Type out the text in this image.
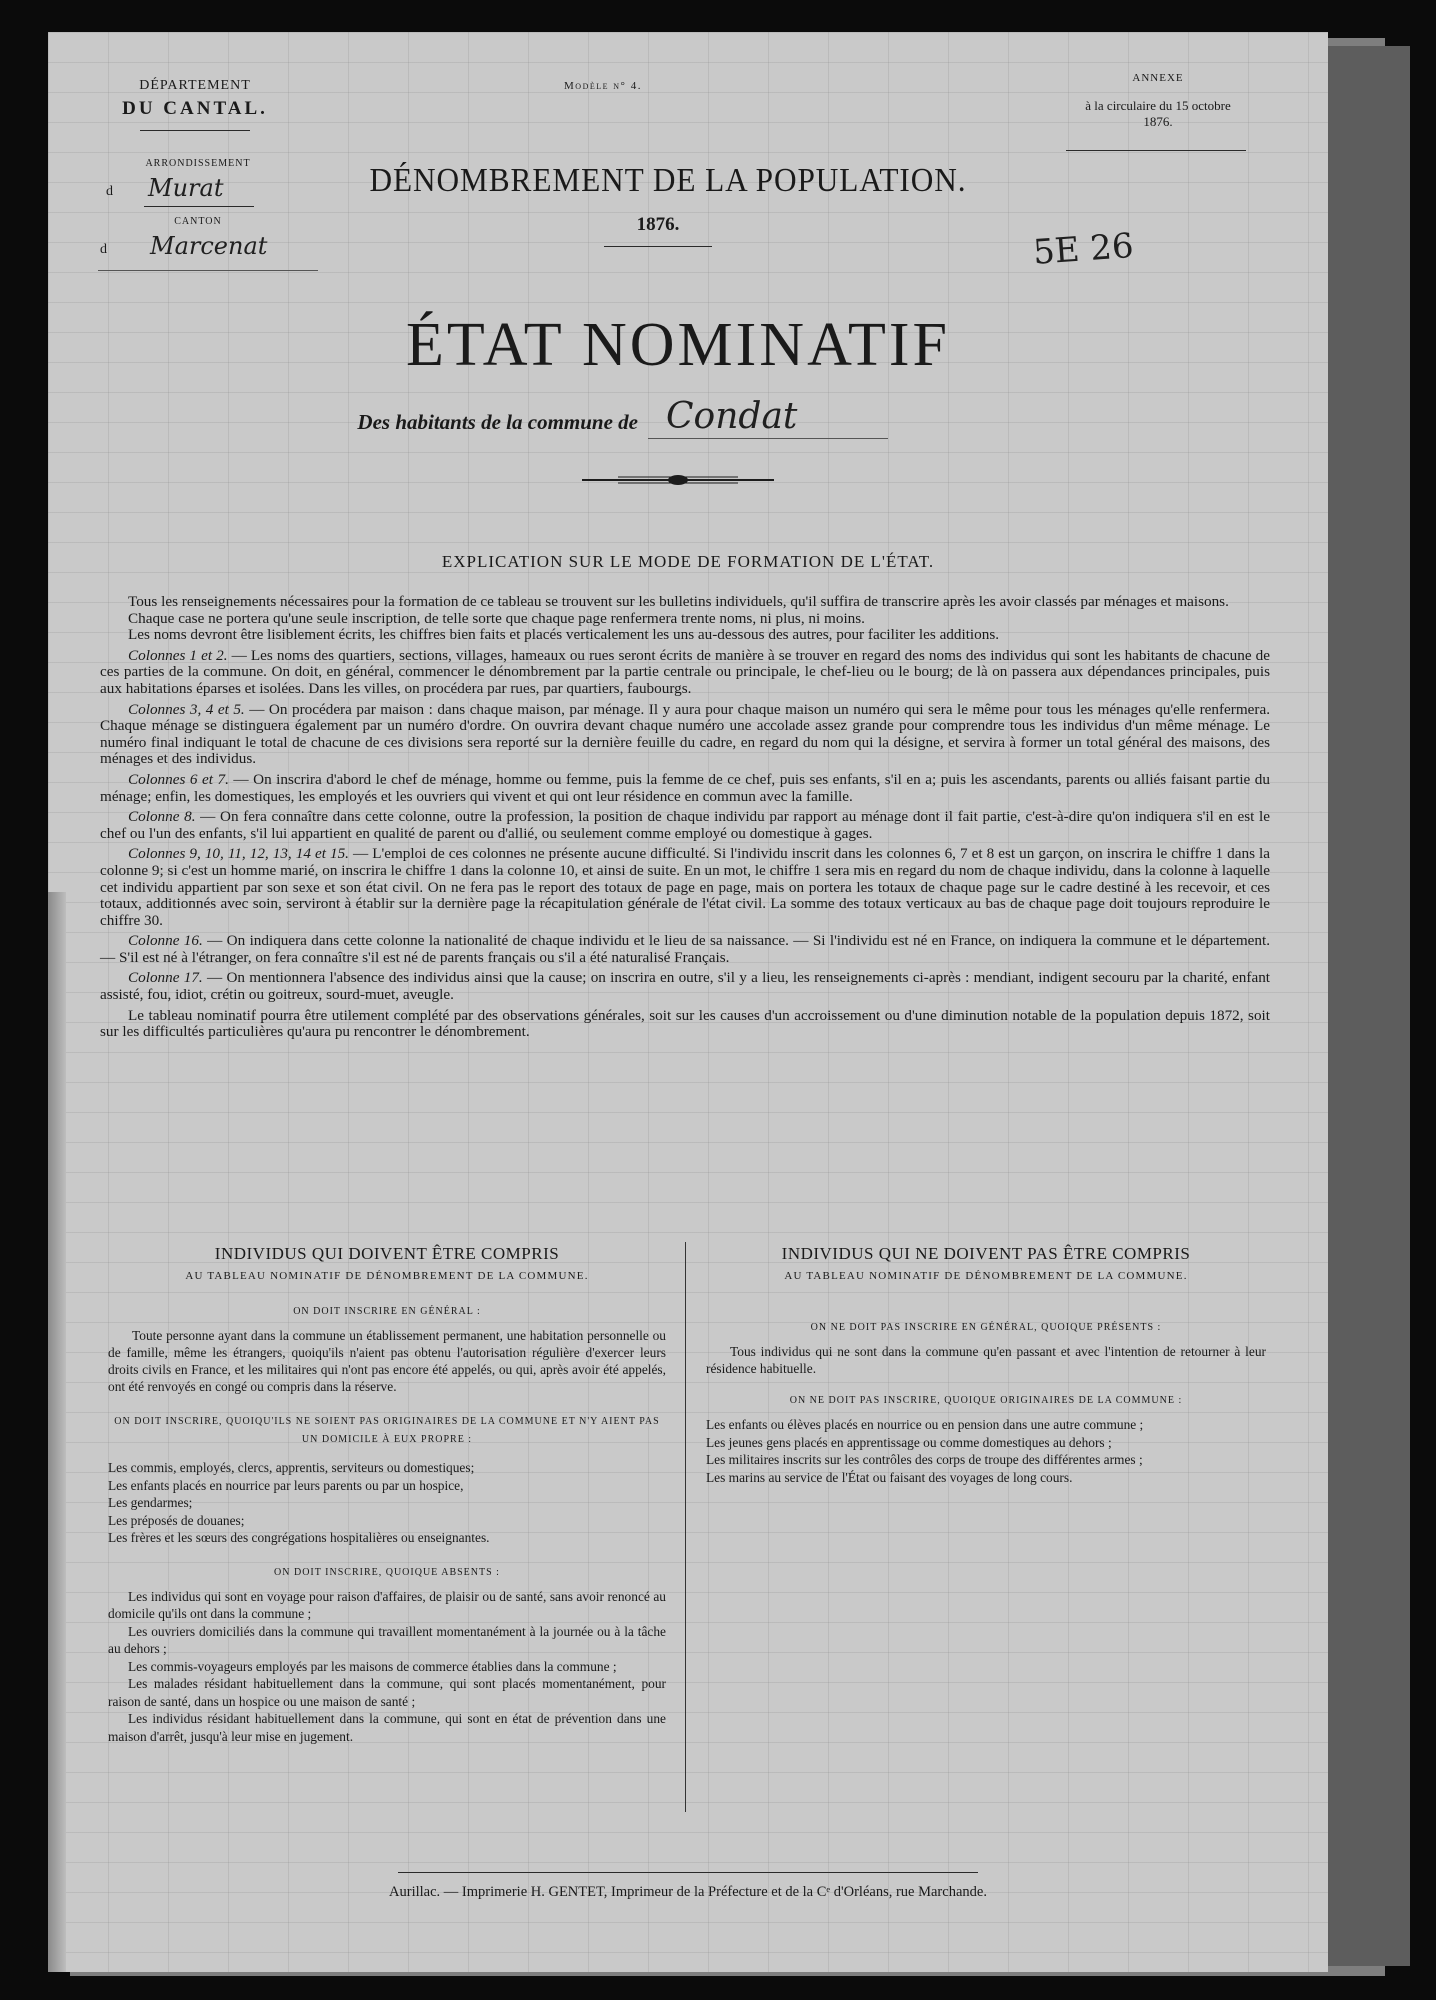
DÉPARTEMENT
DU CANTAL.
ARRONDISSEMENT
d Murat
CANTON
d Marcenat
Modèle n° 4.
DÉNOMBREMENT DE LA POPULATION.
1876.
ANNEXE
à la circulaire du 15 octobre
1876.
5E 26
ÉTAT NOMINATIF
Des habitants de la commune de Condat
EXPLICATION SUR LE MODE DE FORMATION DE L'ÉTAT.

Tous les renseignements nécessaires pour la formation de ce tableau se trouvent sur les bulletins individuels, qu'il suffira de transcrire après les avoir classés par ménages et maisons.

Chaque case ne portera qu'une seule inscription, de telle sorte que chaque page renfermera trente noms, ni plus, ni moins.

Les noms devront être lisiblement écrits, les chiffres bien faits et placés verticalement les uns au-dessous des autres, pour faciliter les additions.

Colonnes 1 et 2. — Les noms des quartiers, sections, villages, hameaux ou rues seront écrits de manière à se trouver en regard des noms des individus qui sont les habitants de chacune de ces parties de la commune. On doit, en général, commencer le dénombrement par la partie centrale ou principale, le chef-lieu ou le bourg; de là on passera aux dépendances principales, puis aux habitations éparses et isolées. Dans les villes, on procédera par rues, par quartiers, faubourgs.

Colonnes 3, 4 et 5. — On procédera par maison : dans chaque maison, par ménage. Il y aura pour chaque maison un numéro qui sera le même pour tous les ménages qu'elle renfermera. Chaque ménage se distinguera également par un numéro d'ordre. On ouvrira devant chaque numéro une accolade assez grande pour comprendre tous les individus d'un même ménage. Le numéro final indiquant le total de chacune de ces divisions sera reporté sur la dernière feuille du cadre, en regard du nom qui la désigne, et servira à former un total général des maisons, des ménages et des individus.

Colonnes 6 et 7. — On inscrira d'abord le chef de ménage, homme ou femme, puis la femme de ce chef, puis ses enfants, s'il en a; puis les ascendants, parents ou alliés faisant partie du ménage; enfin, les domestiques, les employés et les ouvriers qui vivent et qui ont leur résidence en commun avec la famille.

Colonne 8. — On fera connaître dans cette colonne, outre la profession, la position de chaque individu par rapport au ménage dont il fait partie, c'est-à-dire qu'on indiquera s'il en est le chef ou l'un des enfants, s'il lui appartient en qualité de parent ou d'allié, ou seulement comme employé ou domestique à gages.

Colonnes 9, 10, 11, 12, 13, 14 et 15. — L'emploi de ces colonnes ne présente aucune difficulté. Si l'individu inscrit dans les colonnes 6, 7 et 8 est un garçon, on inscrira le chiffre 1 dans la colonne 9; si c'est un homme marié, on inscrira le chiffre 1 dans la colonne 10, et ainsi de suite. En un mot, le chiffre 1 sera mis en regard du nom de chaque individu, dans la colonne à laquelle cet individu appartient par son sexe et son état civil. On ne fera pas le report des totaux de page en page, mais on portera les totaux de chaque page sur le cadre destiné à les recevoir, et ces totaux, additionnés avec soin, serviront à établir sur la dernière page la récapitulation générale de l'état civil. La somme des totaux verticaux au bas de chaque page doit toujours reproduire le chiffre 30.

Colonne 16. — On indiquera dans cette colonne la nationalité de chaque individu et le lieu de sa naissance. — Si l'individu est né en France, on indiquera la commune et le département. — S'il est né à l'étranger, on fera connaître s'il est né de parents français ou s'il a été naturalisé Français.

Colonne 17. — On mentionnera l'absence des individus ainsi que la cause; on inscrira en outre, s'il y a lieu, les renseignements ci-après : mendiant, indigent secouru par la charité, enfant assisté, fou, idiot, crétin ou goitreux, sourd-muet, aveugle.

Le tableau nominatif pourra être utilement complété par des observations générales, soit sur les causes d'un accroissement ou d'une diminution notable de la population depuis 1872, soit sur les difficultés particulières qu'aura pu rencontrer le dénombrement.

INDIVIDUS QUI DOIVENT ÊTRE COMPRIS
AU TABLEAU NOMINATIF DE DÉNOMBREMENT DE LA COMMUNE.
ON DOIT INSCRIRE EN GÉNÉRAL :
Toute personne ayant dans la commune un établissement permanent, une habitation personnelle ou de famille, même les étrangers, quoiqu'ils n'aient pas obtenu l'autorisation régulière d'exercer leurs droits civils en France, et les militaires qui n'ont pas encore été appelés, ou qui, après avoir été appelés, ont été renvoyés en congé ou compris dans la réserve.
ON DOIT INSCRIRE, QUOIQU'ILS NE SOIENT PAS ORIGINAIRES DE LA COMMUNE ET N'Y AIENT PAS UN DOMICILE À EUX PROPRE :

Les commis, employés, clercs, apprentis, serviteurs ou domestiques;

Les enfants placés en nourrice par leurs parents ou par un hospice,

Les gendarmes;

Les préposés de douanes;

Les frères et les sœurs des congrégations hospitalières ou enseignantes.

ON DOIT INSCRIRE, QUOIQUE ABSENTS :

Les individus qui sont en voyage pour raison d'affaires, de plaisir ou de santé, sans avoir renoncé au domicile qu'ils ont dans la commune ;

Les ouvriers domiciliés dans la commune qui travaillent momentanément à la journée ou à la tâche au dehors ;

Les commis-voyageurs employés par les maisons de commerce établies dans la commune ;

Les malades résidant habituellement dans la commune, qui sont placés momentanément, pour raison de santé, dans un hospice ou une maison de santé ;

Les individus résidant habituellement dans la commune, qui sont en état de prévention dans une maison d'arrêt, jusqu'à leur mise en jugement.

INDIVIDUS QUI NE DOIVENT PAS ÊTRE COMPRIS
AU TABLEAU NOMINATIF DE DÉNOMBREMENT DE LA COMMUNE.
ON NE DOIT PAS INSCRIRE EN GÉNÉRAL, QUOIQUE PRÉSENTS :
Tous individus qui ne sont dans la commune qu'en passant et avec l'intention de retourner à leur résidence habituelle.
ON NE DOIT PAS INSCRIRE, QUOIQUE ORIGINAIRES DE LA COMMUNE :

Les enfants ou élèves placés en nourrice ou en pension dans une autre commune ;

Les jeunes gens placés en apprentissage ou comme domestiques au dehors ;

Les militaires inscrits sur les contrôles des corps de troupe des différentes armes ;

Les marins au service de l'État ou faisant des voyages de long cours.

Aurillac. — Imprimerie H. GENTET, Imprimeur de la Préfecture et de la Cᵉ d'Orléans, rue Marchande.
